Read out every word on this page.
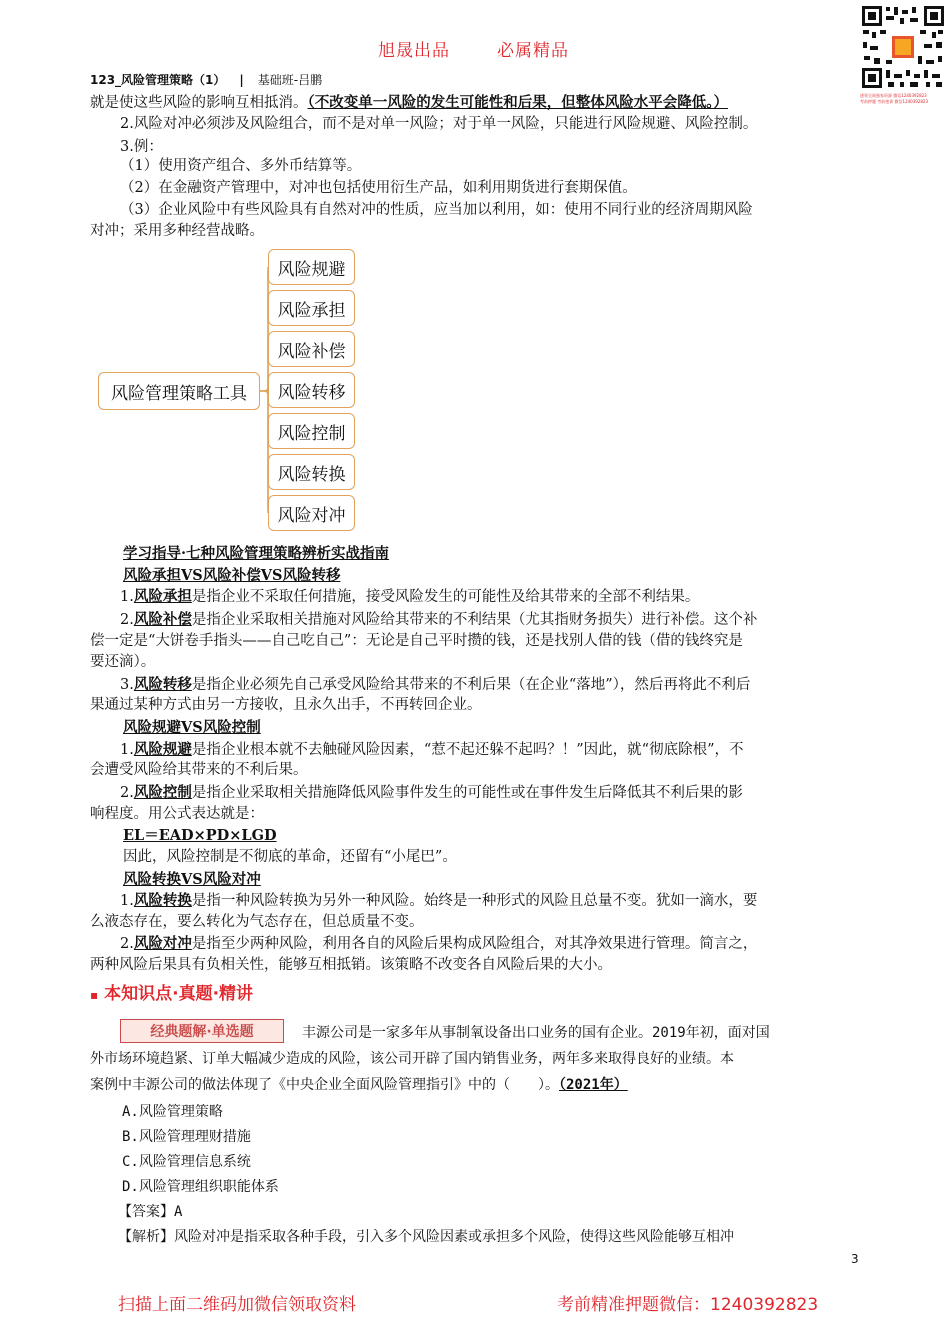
旭晟出品	必属精品
速领全网独家资源 微信1240392823
考前押题 考前密训 微信1240392823
123_风险管理策略（1） | 基础班-吕鹏
就是使这些风险的影响互相抵消。（不改变单一风险的发生可能性和后果，但整体风险水平会降低。）
2.风险对冲必须涉及风险组合，而不是对单一风险；对于单一风险，只能进行风险规避、风险控制。
3.例：
（1）使用资产组合、多外币结算等。
（2）在金融资产管理中，对冲也包括使用衍生产品，如利用期货进行套期保值。
（3）企业风险中有些风险具有自然对冲的性质，应当加以利用，如：使用不同行业的经济周期风险
对冲；采用多种经营战略。
风险管理策略工具
风险规避
风险承担
风险补偿
风险转移
风险控制
风险转换
风险对冲
学习指导·七种风险管理策略辨析实战指南
风险承担VS风险补偿VS风险转移
1.风险承担是指企业不采取任何措施，接受风险发生的可能性及给其带来的全部不利结果。
2.风险补偿是指企业采取相关措施对风险给其带来的不利结果（尤其指财务损失）进行补偿。这个补
偿一定是“大饼卷手指头——自己吃自己”：无论是自己平时攒的钱，还是找别人借的钱（借的钱终究是
要还滴）。
3.风险转移是指企业必须先自己承受风险给其带来的不利后果（在企业“落地”），然后再将此不利后
果通过某种方式由另一方接收，且永久出手，不再转回企业。
风险规避VS风险控制
1.风险规避是指企业根本就不去触碰风险因素，“惹不起还躲不起吗？！”因此，就“彻底除根”，不
会遭受风险给其带来的不利后果。
2.风险控制是指企业采取相关措施降低风险事件发生的可能性或在事件发生后降低其不利后果的影
响程度。用公式表达就是：
EL＝EAD×PD×LGD
因此，风险控制是不彻底的革命，还留有“小尾巴”。
风险转换VS风险对冲
1.风险转换是指一种风险转换为另外一种风险。始终是一种形式的风险且总量不变。犹如一滴水，要
么液态存在，要么转化为气态存在，但总质量不变。
2.风险对冲是指至少两种风险，利用各自的风险后果构成风险组合，对其净效果进行管理。简言之，
两种风险后果具有负相关性，能够互相抵销。该策略不改变各自风险后果的大小。
▪ 本知识点·真题·精讲
经典题解·单选题	丰源公司是一家多年从事制氧设备出口业务的国有企业。2019年初，面对国
外市场环境趋紧、订单大幅减少造成的风险，该公司开辟了国内销售业务，两年多来取得良好的业绩。本
案例中丰源公司的做法体现了《中央企业全面风险管理指引》中的（　　）。（2021年）
A.风险管理策略
B.风险管理理财措施
C.风险管理信息系统
D.风险管理组织职能体系
【答案】A
【解析】风险对冲是指采取各种手段，引入多个风险因素或承担多个风险，使得这些风险能够互相冲
3
扫描上面二维码加微信领取资料	考前精准押题微信：1240392823
